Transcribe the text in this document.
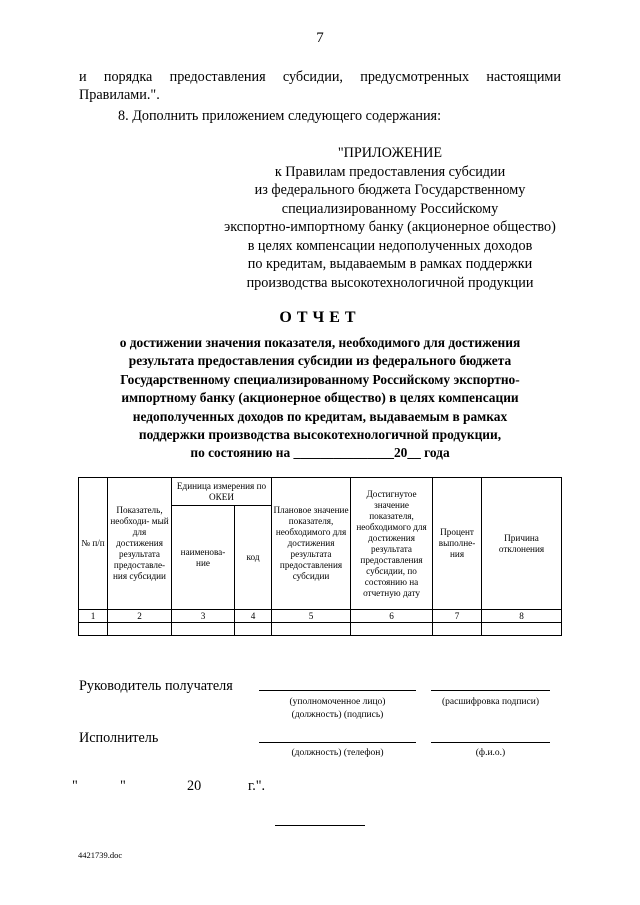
7
и порядка предоставления субсидии, предусмотренных настоящими
Правилами.".
8. Дополнить приложением следующего содержания:
"ПРИЛОЖЕНИЕ
к Правилам предоставления субсидии
из федерального бюджета Государственному
специализированному Российскому
экспортно-импортному банку (акционерное общество)
в целях компенсации недополученных доходов
по кредитам, выдаваемым в рамках поддержки
производства высокотехнологичной продукции
ОТЧЕТ
о достижении значения показателя, необходимого для достижения
результата предоставления субсидии из федерального бюджета
Государственному специализированному Российскому экспортно-
импортному банку (акционерное общество) в целях компенсации
недополученных доходов по кредитам, выдаваемым в рамках
поддержки производства высокотехнологичной продукции,
по состоянию на _______________20__ года
№ п/п	Показатель, необходи- мый для достижения результата предоставле- ния субсидии	Единица измерения по ОКЕИ		Плановое значение показателя, необходимого для достижения результата предоставления субсидии	Достигнутое значение показателя, необходимого для достижения результата предоставления субсидии, по состоянию на отчетную дату	Процент выполне- ния	Причина отклонения
		наименова- ние	код				
1	2	3	4	5	6	7	8

Руководитель получателя
(уполномоченное лицо)
(должность) (подпись)
(расшифровка подписи)
Исполнитель
(должность) (телефон)	(ф.и.о.)
"	"	20	г.".
4421739.doc
